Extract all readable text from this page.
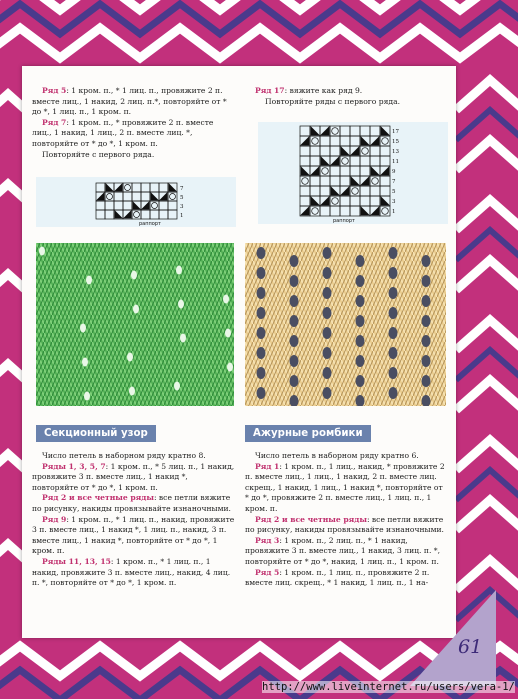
Ряд 5: 1 кром. п., * 1 лиц. п., провяжите 2 п. вместе лиц., 1 накид, 2 лиц. п.*, повторяйте от * до *, 1 лиц. п., 1 кром. п.

Ряд 7: 1 кром. п., * провяжите 2 п. вместе лиц., 1 накид, 1 лиц., 2 п. вместе лиц. *, повторяйте от * до *, 1 кром. п.

Повторяйте с первого ряда.

Ряд 17: вяжите как ряд 9.

Повторяйте ряды с первого ряда.

7
5
3
1
раппорт
17
15
13
11
9
7
5
3
1
раппорт
Секционный узор	Ажурные ромбики

Число петель в наборном ряду кратно 8.

Ряды 1, 3, 5, 7: 1 кром. п., * 5 лиц. п., 1 накид, провяжите 3 п. вместе лиц., 1 накид *, повторяйте от * до *, 1 кром. п.

Ряд 2 и все четные ряды: все петли вяжите по рисунку, накиды провязывайте изнаночными.

Ряд 9: 1 кром. п., * 1 лиц. п., накид, провяжите 3 п. вместе лиц., 1 накид *, 1 лиц. п., накид, 3 п. вместе лиц., 1 накид *, повторяйте от * до *, 1 кром. п.

Ряды 11, 13, 15: 1 кром. п., * 1 лиц. п., 1 накид, провяжите 3 п. вместе лиц., накид, 4 лиц. п. *, повторяйте от * до *, 1 кром. п.

Число петель в наборном ряду кратно 6.

Ряд 1: 1 кром. п., 1 лиц., накид, * провяжите 2 п. вместе лиц., 1 лиц., 1 накид, 2 п. вместе лиц. скрещ., 1 накид, 1 лиц., 1 накид *, повторяйте от * до *, провяжите 2 п. вместе лиц., 1 лиц. п., 1 кром. п.

Ряд 2 и все четные ряды: все петли вяжите по рисунку, накиды провязывайте изнаночными.

Ряд 3: 1 кром. п., 2 лиц. п., * 1 накид, провяжите 3 п. вместе лиц., 1 накид, 3 лиц. п. *, повторяйте от * до *, накид, 1 лиц. п., 1 кром. п.

Ряд 5: 1 кром. п., 1 лиц. п., провяжите 2 п. вместе лиц. скрещ., * 1 накид, 1 лиц. п., 1 на-

61
http://www.liveinternet.ru/users/vera-1/
